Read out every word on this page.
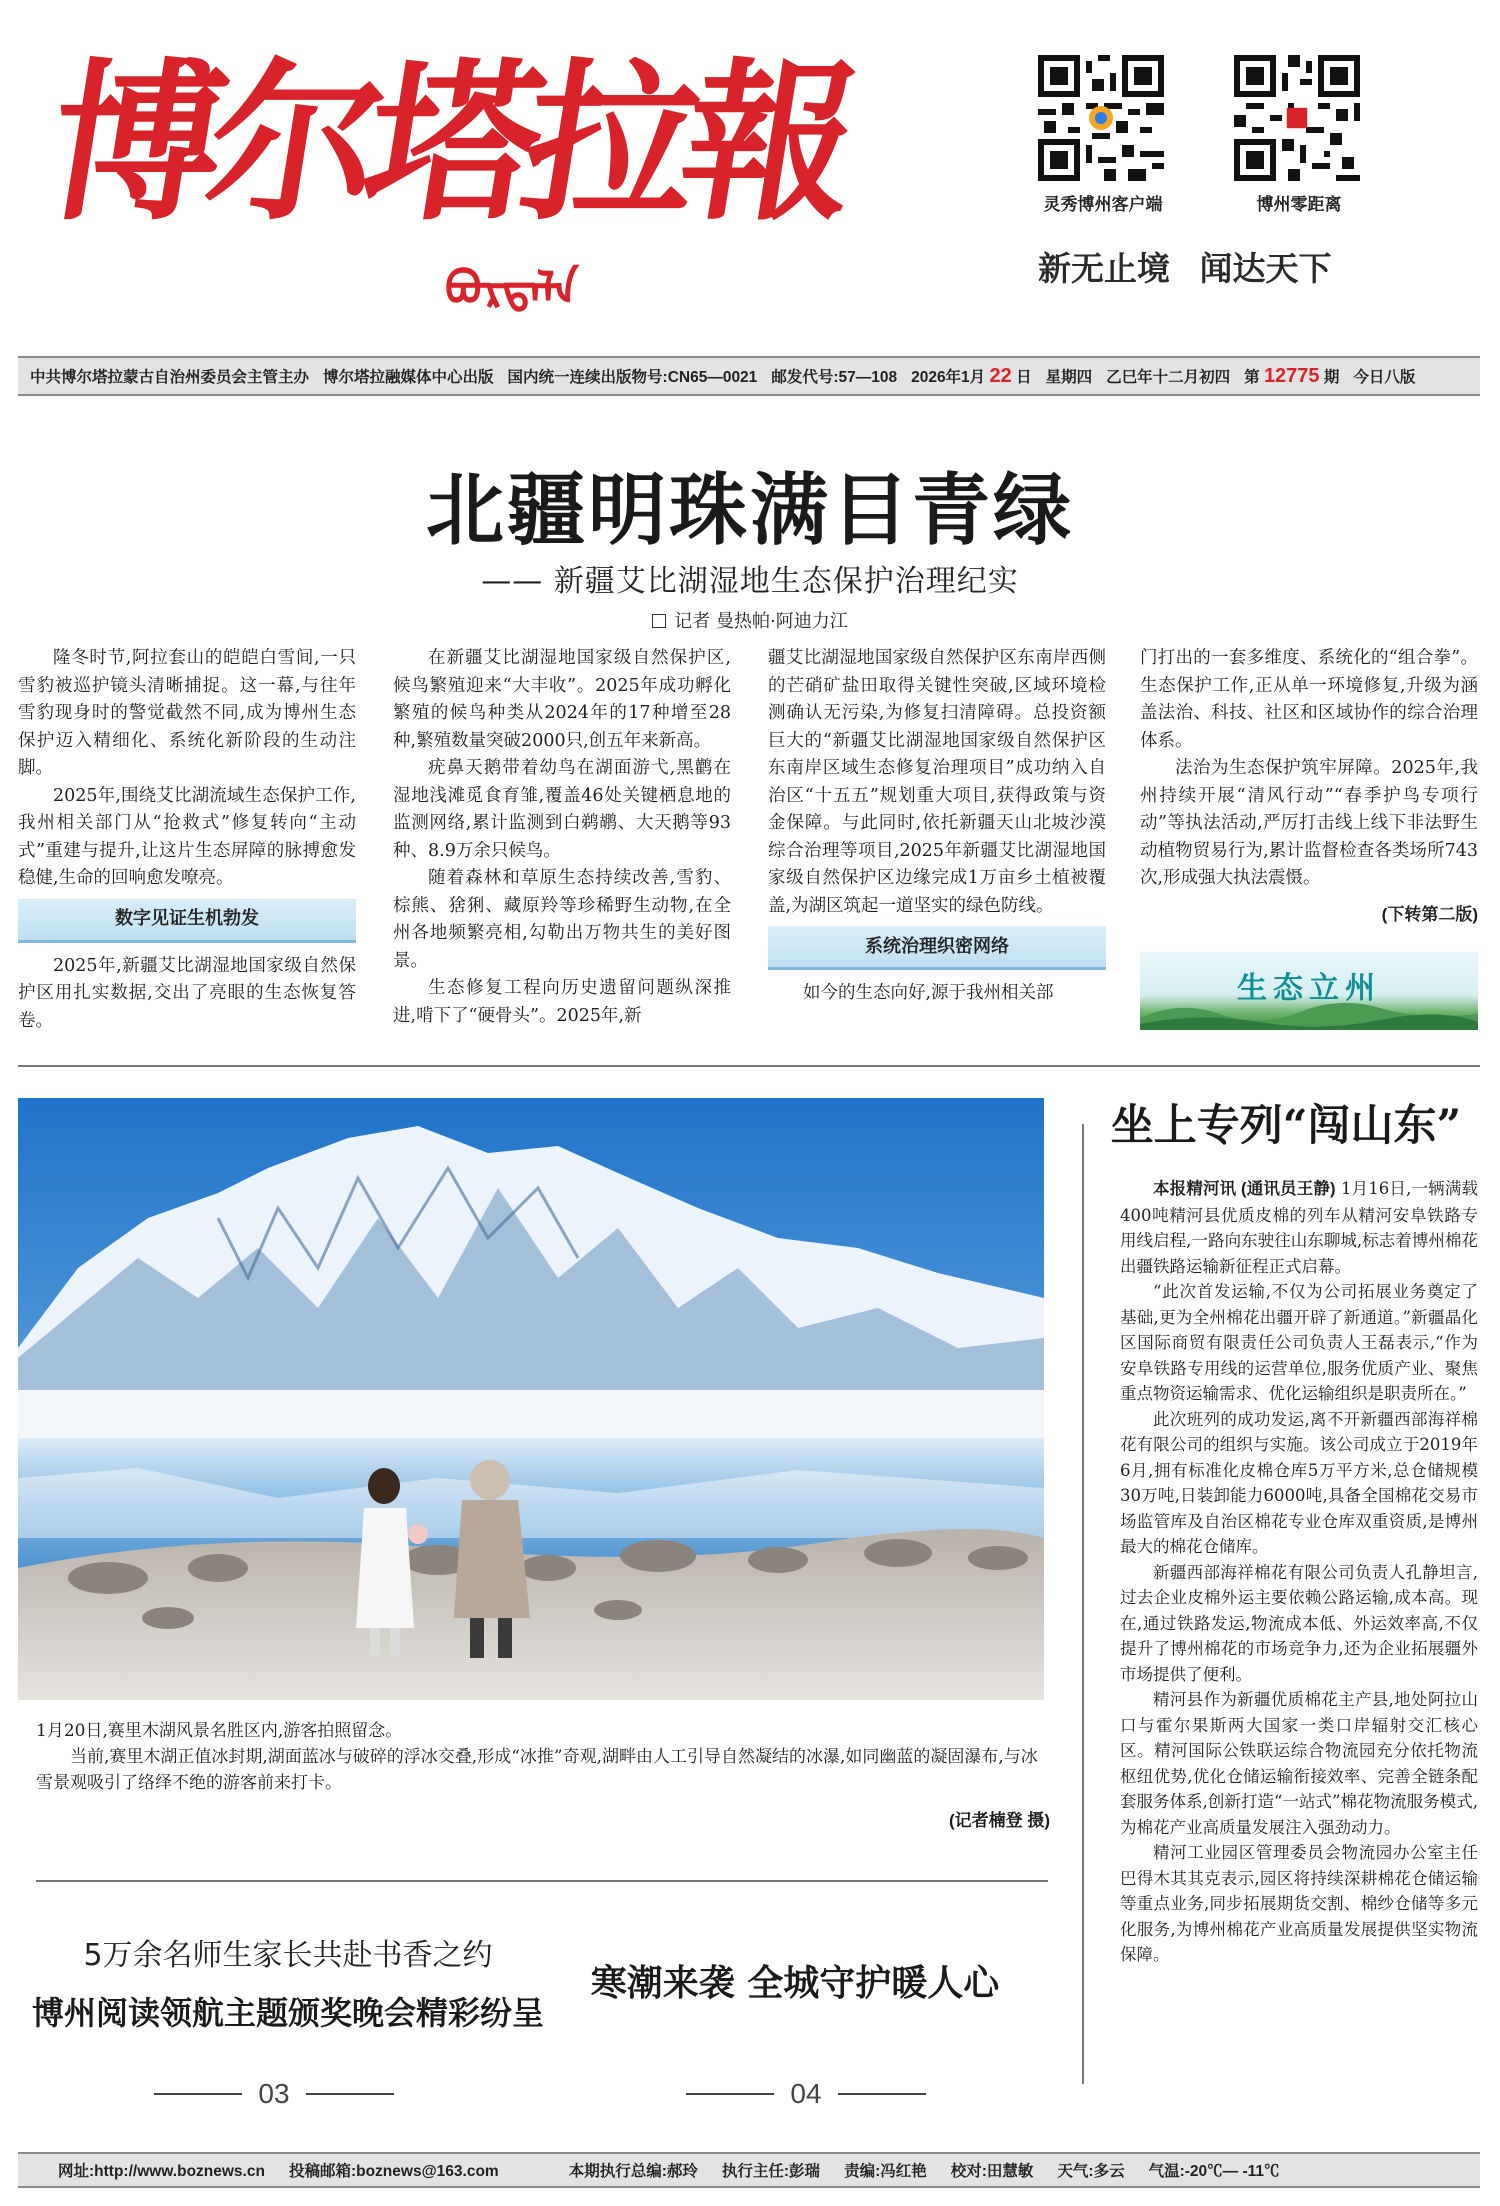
博尔塔拉報
ᠪᠣᠷᠲᠠᠯᠠ
灵秀博州客户端	博州零距离
新无止境 闻达天下
中共博尔塔拉蒙古自治州委员会主管主办 博尔塔拉融媒体中心出版 国内统一连续出版物号:CN65—0021 邮发代号:57—108 2026年1月 22 日 星期四 乙巳年十二月初四 第 12775 期 今日八版
北疆明珠满目青绿
—— 新疆艾比湖湿地生态保护治理纪实
记者 曼热帕·阿迪力江

隆冬时节,阿拉套山的皑皑白雪间,一只雪豹被巡护镜头清晰捕捉。这一幕,与往年雪豹现身时的警觉截然不同,成为博州生态保护迈入精细化、系统化新阶段的生动注脚。

2025年,围绕艾比湖流域生态保护工作,我州相关部门从“抢救式”修复转向“主动式”重建与提升,让这片生态屏障的脉搏愈发稳健,生命的回响愈发嘹亮。

数字见证生机勃发

2025年,新疆艾比湖湿地国家级自然保护区用扎实数据,交出了亮眼的生态恢复答卷。

在新疆艾比湖湿地国家级自然保护区,候鸟繁殖迎来“大丰收”。2025年成功孵化繁殖的候鸟种类从2024年的17种增至28种,繁殖数量突破2000只,创五年来新高。

疣鼻天鹅带着幼鸟在湖面游弋,黑鹳在湿地浅滩觅食育雏,覆盖46处关键栖息地的监测网络,累计监测到白鹈鹕、大天鹅等93种、8.9万余只候鸟。

随着森林和草原生态持续改善,雪豹、棕熊、猞猁、藏原羚等珍稀野生动物,在全州各地频繁亮相,勾勒出万物共生的美好图景。

生态修复工程向历史遗留问题纵深推进,啃下了“硬骨头”。2025年,新

疆艾比湖湿地国家级自然保护区东南岸西侧的芒硝矿盐田取得关键性突破,区域环境检测确认无污染,为修复扫清障碍。总投资额巨大的“新疆艾比湖湿地国家级自然保护区东南岸区域生态修复治理项目”成功纳入自治区“十五五”规划重大项目,获得政策与资金保障。与此同时,依托新疆天山北坡沙漠综合治理等项目,2025年新疆艾比湖湿地国家级自然保护区边缘完成1万亩乡土植被覆盖,为湖区筑起一道坚实的绿色防线。

系统治理织密网络

如今的生态向好,源于我州相关部

门打出的一套多维度、系统化的“组合拳”。生态保护工作,正从单一环境修复,升级为涵盖法治、科技、社区和区域协作的综合治理体系。

法治为生态保护筑牢屏障。2025年,我州持续开展“清风行动”“春季护鸟专项行动”等执法活动,严厉打击线上线下非法野生动植物贸易行为,累计监督检查各类场所743次,形成强大执法震慑。

(下转第二版)
生态立州

1月20日,赛里木湖风景名胜区内,游客拍照留念。

当前,赛里木湖正值冰封期,湖面蓝冰与破碎的浮冰交叠,形成“冰推”奇观,湖畔由人工引导自然凝结的冰瀑,如同幽蓝的凝固瀑布,与冰雪景观吸引了络绎不绝的游客前来打卡。

(记者楠登 摄)
坐上专列“闯山东”

本报精河讯 (通讯员王静) 1月16日,一辆满载400吨精河县优质皮棉的列车从精河安阜铁路专用线启程,一路向东驶往山东聊城,标志着博州棉花出疆铁路运输新征程正式启幕。

“此次首发运输,不仅为公司拓展业务奠定了基础,更为全州棉花出疆开辟了新通道。”新疆晶化区国际商贸有限责任公司负责人王磊表示,“作为安阜铁路专用线的运营单位,服务优质产业、聚焦重点物资运输需求、优化运输组织是职责所在。”

此次班列的成功发运,离不开新疆西部海祥棉花有限公司的组织与实施。该公司成立于2019年6月,拥有标准化皮棉仓库5万平方米,总仓储规模30万吨,日装卸能力6000吨,具备全国棉花交易市场监管库及自治区棉花专业仓库双重资质,是博州最大的棉花仓储库。

新疆西部海祥棉花有限公司负责人孔静坦言,过去企业皮棉外运主要依赖公路运输,成本高。现在,通过铁路发运,物流成本低、外运效率高,不仅提升了博州棉花的市场竞争力,还为企业拓展疆外市场提供了便利。

精河县作为新疆优质棉花主产县,地处阿拉山口与霍尔果斯两大国家一类口岸辐射交汇核心区。精河国际公铁联运综合物流园充分依托物流枢纽优势,优化仓储运输衔接效率、完善全链条配套服务体系,创新打造“一站式”棉花物流服务模式,为棉花产业高质量发展注入强劲动力。

精河工业园区管理委员会物流园办公室主任巴得木其其克表示,园区将持续深耕棉花仓储运输等重点业务,同步拓展期货交割、棉纱仓储等多元化服务,为博州棉花产业高质量发展提供坚实物流保障。

5万余名师生家长共赴书香之约
博州阅读领航主题颁奖晚会精彩纷呈
寒潮来袭 全城守护暖人心
03	04
网址:http://www.boznews.cn 投稿邮箱:boznews@163.com	本期执行总编:郝玲 执行主任:彭瑞 责编:冯红艳 校对:田慧敏 天气:多云 气温:-20℃— -11℃
